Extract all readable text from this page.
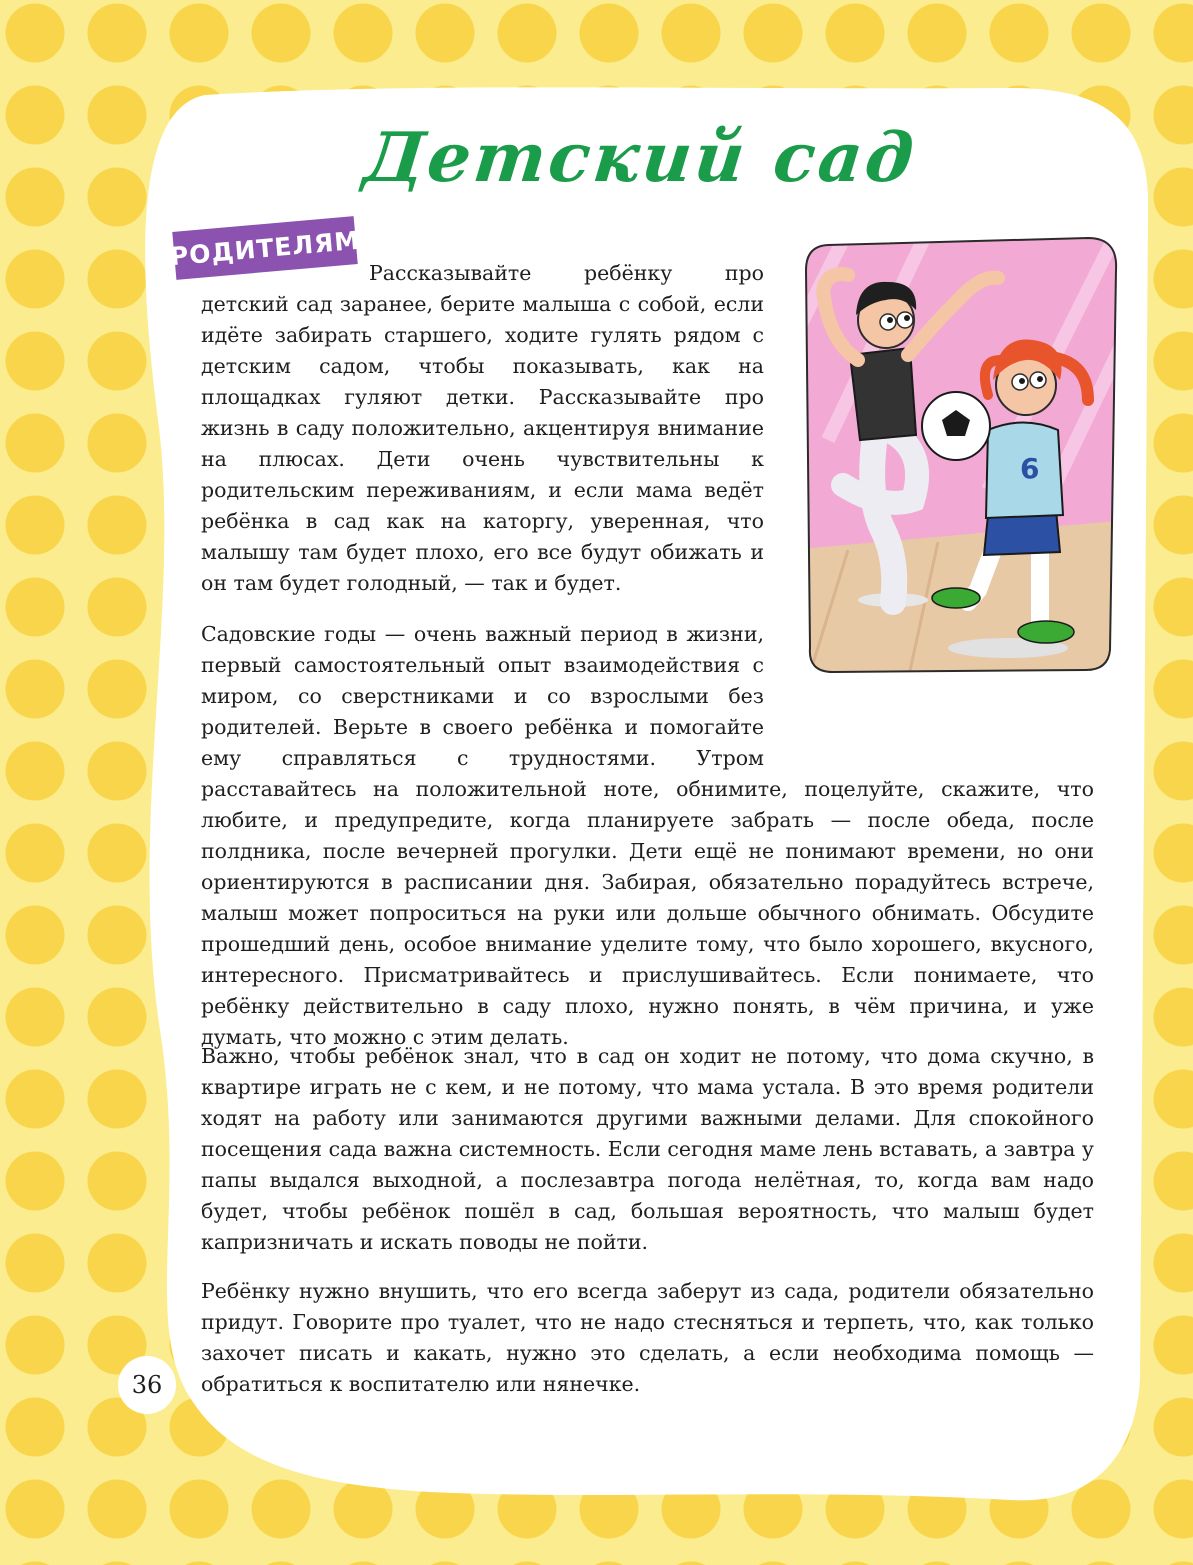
Детский сад
РОДИТЕЛЯМ
6
Рассказывайте ребёнку про детский сад заранее, берите малыша с собой, если идёте забирать старшего, ходите гулять рядом с детским садом, чтобы показывать, как на площадках гуляют детки. Рассказывайте про жизнь в саду положительно, акцентируя внимание на плюсах. Дети очень чувствительны к родительским переживаниям, и если мама ведёт ребёнка в сад как на каторгу, уверенная, что малышу там будет плохо, его все будут обижать и он там будет голодный, — так и будет.
Садовские годы — очень важный период в жизни, первый самостоятельный опыт взаимодействия с миром, со сверстниками и со взрослыми без родителей. Верьте в своего ребёнка и помогайте ему справляться с трудностями. Утром расставайтесь на положительной ноте, обнимите, поцелуйте, скажите, что любите, и предупредите, когда планируете забрать — после обеда, после полдника, после вечерней прогулки. Дети ещё не понимают времени, но они ориентируются в расписании дня. Забирая, обязательно порадуйтесь встрече, малыш может попроситься на руки или дольше обычного обнимать. Обсудите прошедший день, особое внимание уделите тому, что было хорошего, вкусного, интересного. Присматривайтесь и прислушивайтесь. Если понимаете, что ребёнку действительно в саду плохо, нужно понять, в чём причина, и уже думать, что можно с этим делать.
Важно, чтобы ребёнок знал, что в сад он ходит не потому, что дома скучно, в квартире играть не с кем, и не потому, что мама устала. В это время родители ходят на работу или занимаются другими важными делами. Для спокойного посещения сада важна системность. Если сегодня маме лень вставать, а завтра у папы выдался выходной, а послезавтра погода нелётная, то, когда вам надо будет, чтобы ребёнок пошёл в сад, большая вероятность, что малыш будет капризничать и искать поводы не пойти.
Ребёнку нужно внушить, что его всегда заберут из сада, родители обязательно придут. Говорите про туалет, что не надо стесняться и терпеть, что, как только захочет писать и какать, нужно это сделать, а если необходима помощь — обратиться к воспитателю или нянечке.
36
